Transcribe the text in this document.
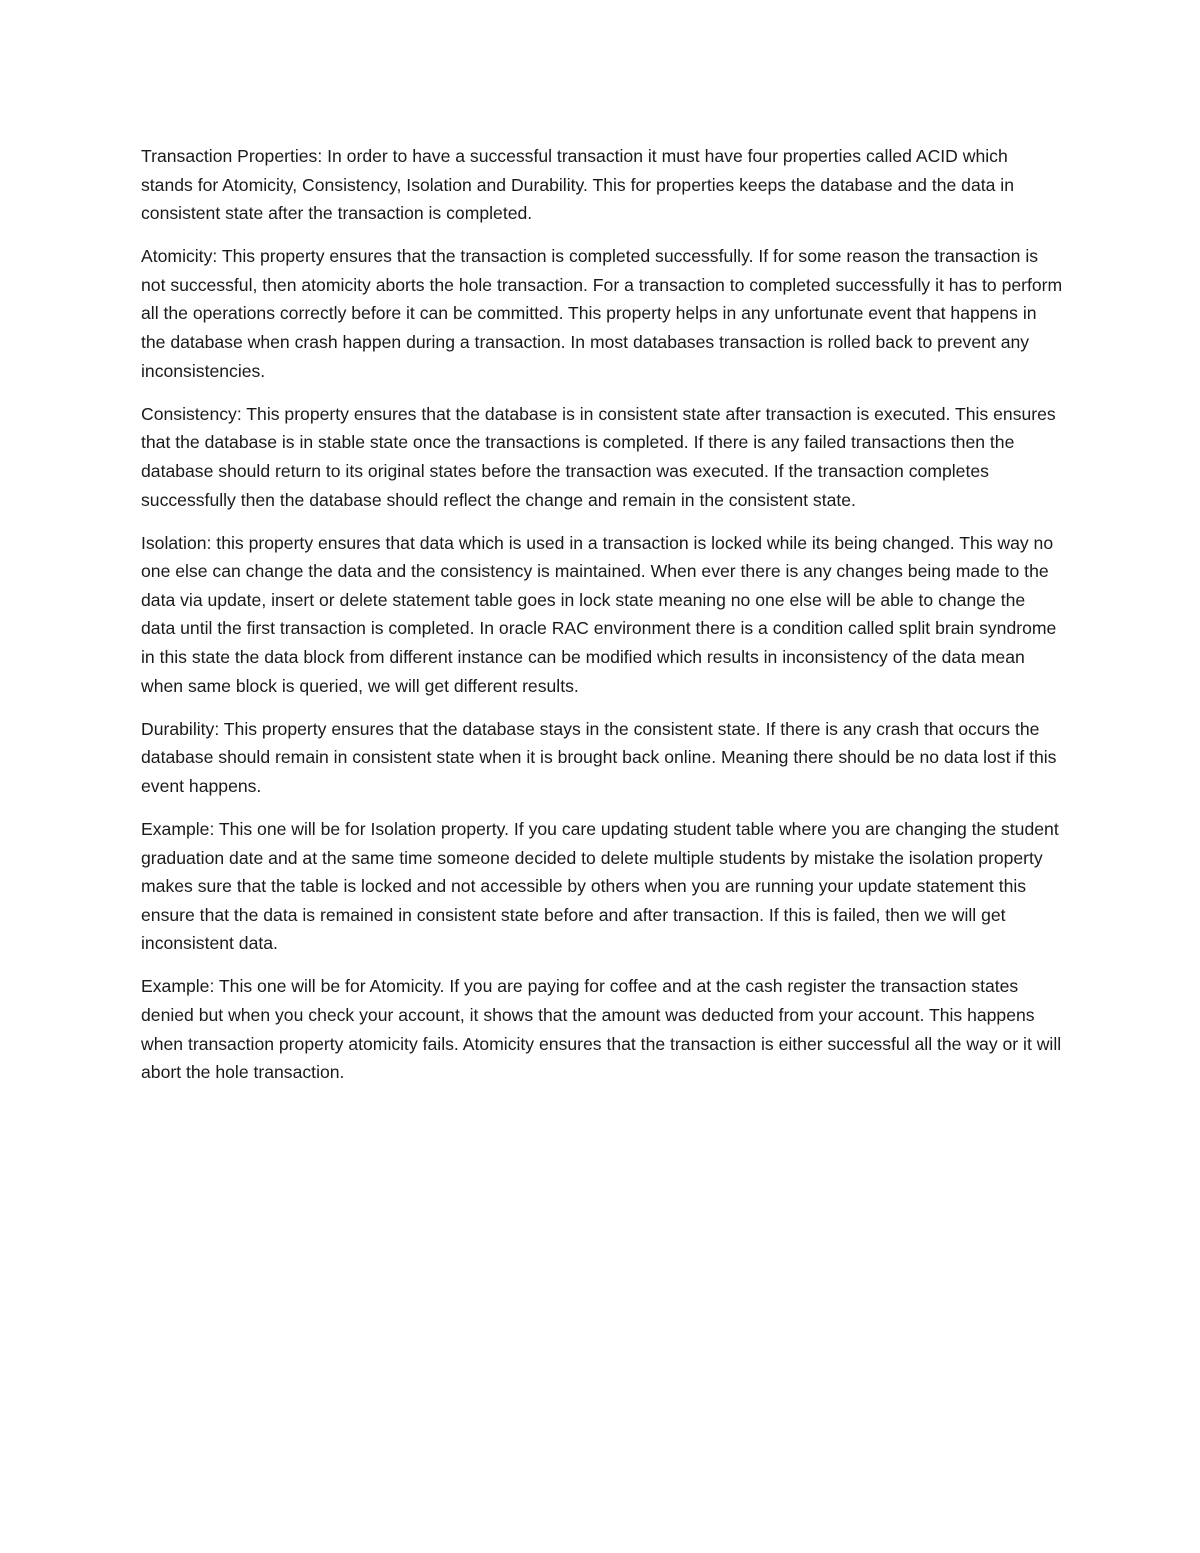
Transaction Properties: In order to have a successful transaction it must have four properties called ACID which stands for Atomicity, Consistency, Isolation and Durability. This for properties keeps the database and the data in consistent state after the transaction is completed.

Atomicity: This property ensures that the transaction is completed successfully. If for some reason the transaction is not successful, then atomicity aborts the hole transaction. For a transaction to completed successfully it has to perform all the operations correctly before it can be committed. This property helps in any unfortunate event that happens in the database when crash happen during a transaction. In most databases transaction is rolled back to prevent any inconsistencies.

Consistency: This property ensures that the database is in consistent state after transaction is executed. This ensures that the database is in stable state once the transactions is completed. If there is any failed transactions then the database should return to its original states before the transaction was executed. If the transaction completes successfully then the database should reflect the change and remain in the consistent state.

Isolation: this property ensures that data which is used in a transaction is locked while its being changed. This way no one else can change the data and the consistency is maintained. When ever there is any changes being made to the data via update, insert or delete statement table goes in lock state meaning no one else will be able to change the data until the first transaction is completed. In oracle RAC environment there is a condition called split brain syndrome in this state the data block from different instance can be modified which results in inconsistency of the data mean when same block is queried, we will get different results.

Durability: This property ensures that the database stays in the consistent state. If there is any crash that occurs the database should remain in consistent state when it is brought back online. Meaning there should be no data lost if this event happens.

Example: This one will be for Isolation property. If you care updating student table where you are changing the student graduation date and at the same time someone decided to delete multiple students by mistake the isolation property makes sure that the table is locked and not accessible by others when you are running your update statement this ensure that the data is remained in consistent state before and after transaction. If this is failed, then we will get inconsistent data.

Example: This one will be for Atomicity. If you are paying for coffee and at the cash register the transaction states denied but when you check your account, it shows that the amount was deducted from your account. This happens when transaction property atomicity fails. Atomicity ensures that the transaction is either successful all the way or it will abort the hole transaction.
